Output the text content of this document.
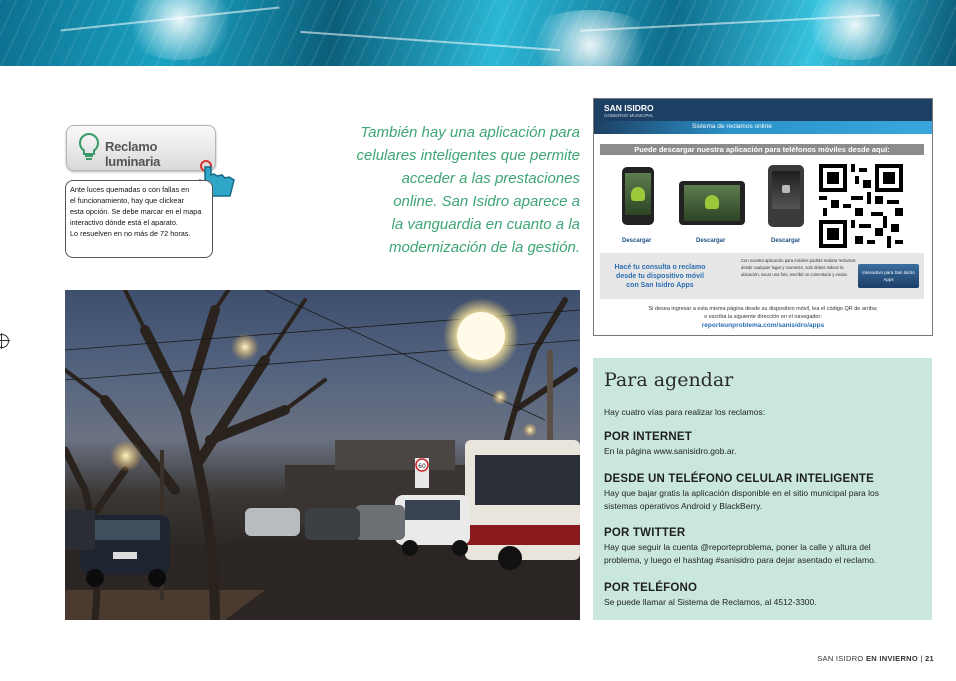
Reclamo luminaria

Ante luces quemadas o con fallas en

el funcionamiento, hay que clickear

esta opción. Se debe marcar en el mapa

interactivo dónde está el aparato.

Lo resuelven en no más de 72 horas.

También hay una aplicación para
celulares inteligentes que permite
acceder a las prestaciones
online. San Isidro aparece a
la vanguardia en cuanto a la
modernización de la gestión.
SAN ISIDRO
GOBIERNO MUNICIPAL
Sistema de reclamos online
Puede descargar nuestra aplicación para teléfonos móviles desde aquí:
Descargar	Descargar	Descargar
Hacé tu consulta o reclamo
desde tu dispositivo móvil
con San Isidro Apps
Con nuestra aplicación para móviles podrás realizar reclamos desde cualquier lugar y momento, solo debes indicar la ubicación, sacar una foto, escribir un comentario y enviar.	Interactivo para San Isidro Apps
Si desea ingresar a esta misma página desde su dispositivo móvil, lea el código QR de arriba;
o escriba la siguiente dirección en el navegador:
reporteunproblema.com/sanisidro/apps
60
Para agendar
Hay cuatro vías para realizar los reclamos:
POR INTERNET
En la página www.sanisidro.gob.ar.
DESDE UN TELÉFONO CELULAR INTELIGENTE
Hay que bajar gratis la aplicación disponible en el sitio municipal para los
sistemas operativos Android y BlackBerry.
POR TWITTER
Hay que seguir la cuenta @reporteproblema, poner la calle y altura del
problema, y luego el hashtag #sanisidro para dejar asentado el reclamo.
POR TELÉFONO
Se puede llamar al Sistema de Reclamos, al 4512-3300.
SAN ISIDRO EN INVIERNO | 21
